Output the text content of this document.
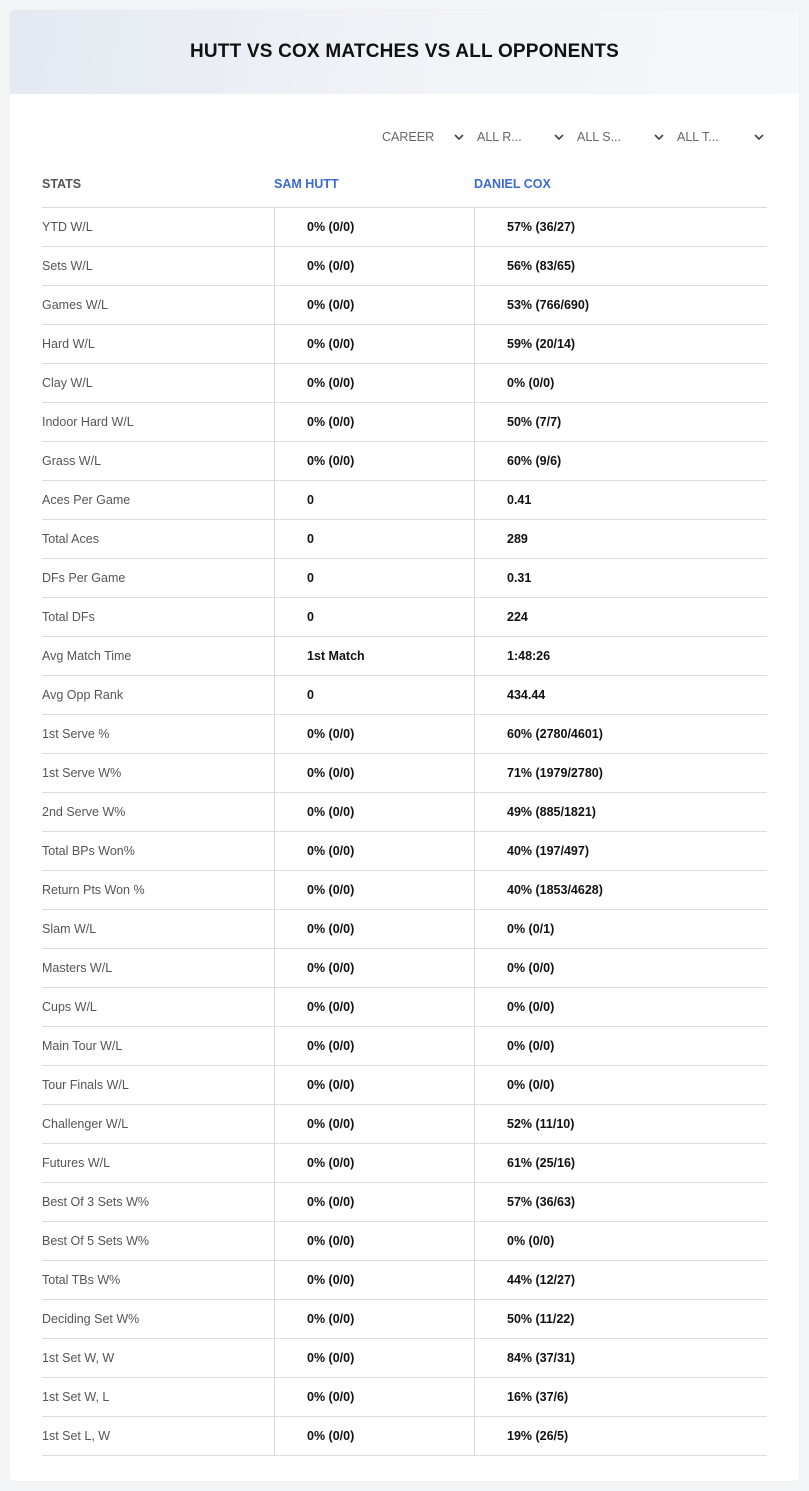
HUTT VS COX MATCHES VS ALL OPPONENTS
CAREER	ALL R...	ALL S...	ALL T...
STATS	SAM HUTT	DANIEL COX
YTD W/L	0% (0/0)	57% (36/27)
Sets W/L	0% (0/0)	56% (83/65)
Games W/L	0% (0/0)	53% (766/690)
Hard W/L	0% (0/0)	59% (20/14)
Clay W/L	0% (0/0)	0% (0/0)
Indoor Hard W/L	0% (0/0)	50% (7/7)
Grass W/L	0% (0/0)	60% (9/6)
Aces Per Game	0	0.41
Total Aces	0	289
DFs Per Game	0	0.31
Total DFs	0	224
Avg Match Time	1st Match	1:48:26
Avg Opp Rank	0	434.44
1st Serve %	0% (0/0)	60% (2780/4601)
1st Serve W%	0% (0/0)	71% (1979/2780)
2nd Serve W%	0% (0/0)	49% (885/1821)
Total BPs Won%	0% (0/0)	40% (197/497)
Return Pts Won %	0% (0/0)	40% (1853/4628)
Slam W/L	0% (0/0)	0% (0/1)
Masters W/L	0% (0/0)	0% (0/0)
Cups W/L	0% (0/0)	0% (0/0)
Main Tour W/L	0% (0/0)	0% (0/0)
Tour Finals W/L	0% (0/0)	0% (0/0)
Challenger W/L	0% (0/0)	52% (11/10)
Futures W/L	0% (0/0)	61% (25/16)
Best Of 3 Sets W%	0% (0/0)	57% (36/63)
Best Of 5 Sets W%	0% (0/0)	0% (0/0)
Total TBs W%	0% (0/0)	44% (12/27)
Deciding Set W%	0% (0/0)	50% (11/22)
1st Set W, W	0% (0/0)	84% (37/31)
1st Set W, L	0% (0/0)	16% (37/6)
1st Set L, W	0% (0/0)	19% (26/5)
